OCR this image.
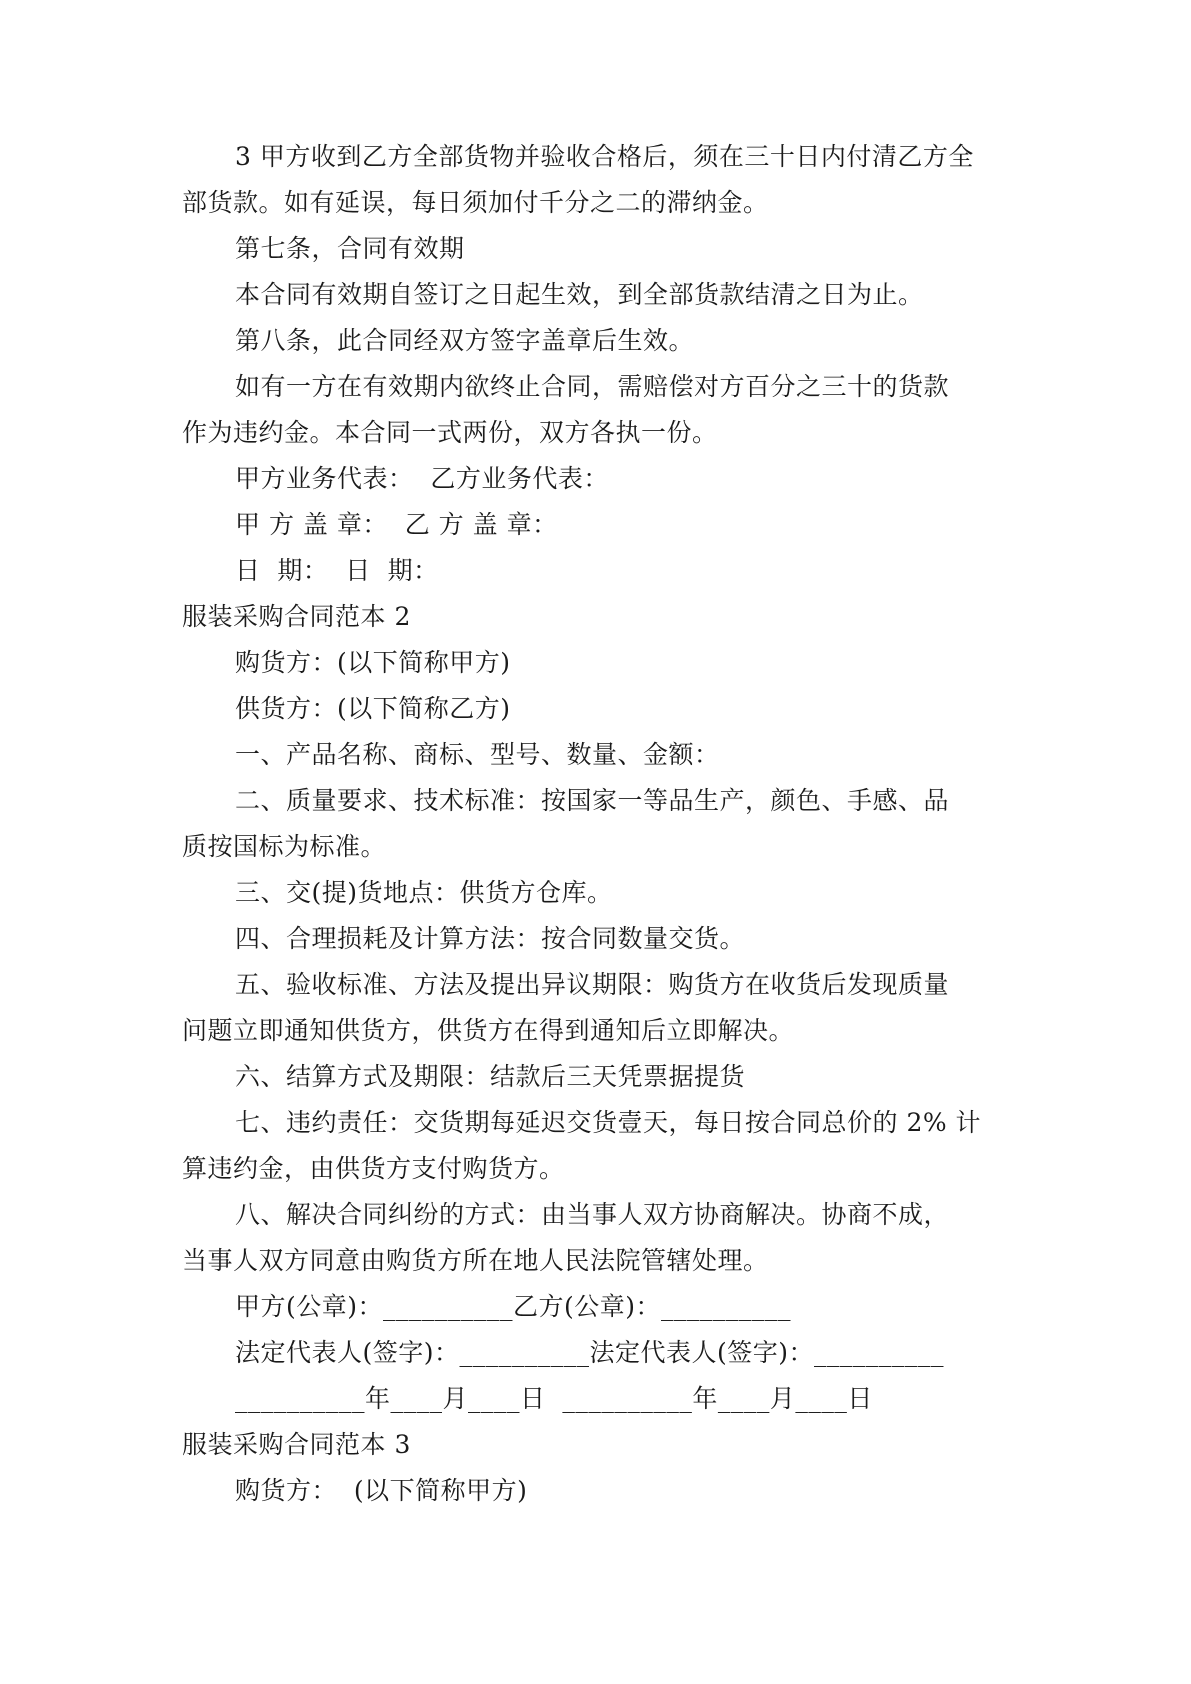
3 甲方收到乙方全部货物并验收合格后，须在三十日内付清乙方全
部货款。如有延误，每日须加付千分之二的滞纳金。
第七条，合同有效期
本合同有效期自签订之日起生效，到全部货款结清之日为止。
第八条，此合同经双方签字盖章后生效。
如有一方在有效期内欲终止合同，需赔偿对方百分之三十的货款
作为违约金。本合同一式两份，双方各执一份。
甲方业务代表：  乙方业务代表：
甲 方 盖 章：  乙 方 盖 章：
日  期：  日  期：
服装采购合同范本 2
购货方：(以下简称甲方)
供货方：(以下简称乙方)
一、产品名称、商标、型号、数量、金额：
二、质量要求、技术标准：按国家一等品生产，颜色、手感、品
质按国标为标准。
三、交(提)货地点：供货方仓库。
四、合理损耗及计算方法：按合同数量交货。
五、验收标准、方法及提出异议期限：购货方在收货后发现质量
问题立即通知供货方，供货方在得到通知后立即解决。
六、结算方式及期限：结款后三天凭票据提货
七、违约责任：交货期每延迟交货壹天，每日按合同总价的 2% 计
算违约金，由供货方支付购货方。
八、解决合同纠纷的方式：由当事人双方协商解决。协商不成，
当事人双方同意由购货方所在地人民法院管辖处理。
甲方(公章)：__________乙方(公章)：__________
法定代表人(签字)：__________法定代表人(签字)：__________
__________年____月____日  __________年____月____日
服装采购合同范本 3
购货方：  (以下简称甲方)
